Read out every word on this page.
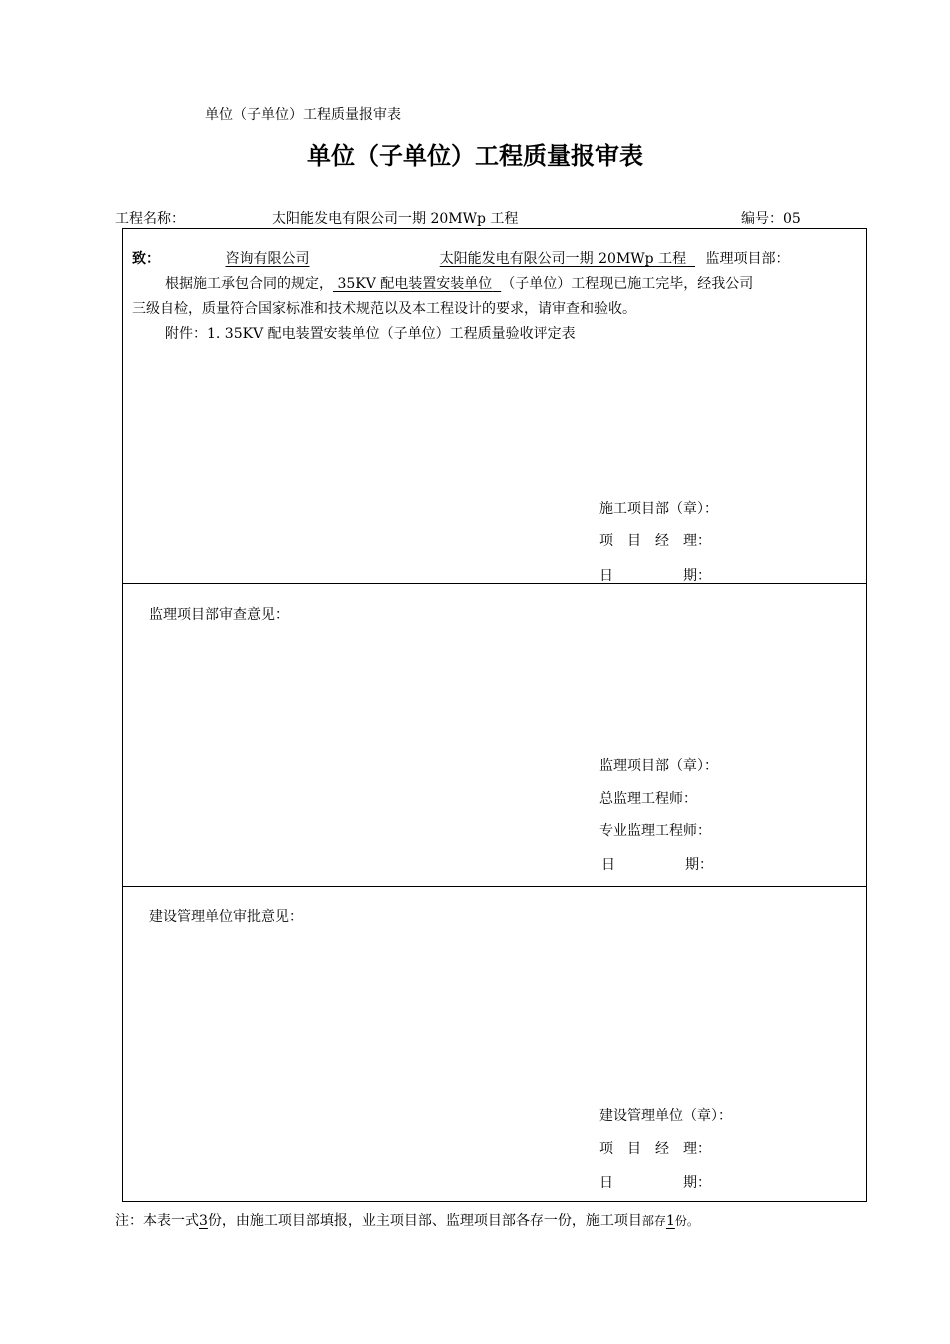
单位（子单位）工程质量报审表
单位（子单位）工程质量报审表
工程名称：	太阳能发电有限公司一期 20MWp 工程	编号：05
致：	咨询有限公司	太阳能发电有限公司一期 20MWp 工程 监理项目部：
根据施工承包合同的规定， 35KV 配电装置安装单位 （子单位）工程现已施工完毕，经我公司
三级自检，质量符合国家标准和技术规范以及本工程设计的要求，请审查和验收。
附件：1. 35KV 配电装置安装单位（子单位）工程质量验收评定表
施工项目部（章）：
项　目　经　理：
日　　　　　期：
监理项目部审查意见：
监理项目部（章）：
总监理工程师：
专业监理工程师：
日　　　　　期：
建设管理单位审批意见：
建设管理单位（章）：
项　目　经　理：
日　　　　　期：
注：本表一式3份，由施工项目部填报，业主项目部、监理项目部各存一份，施工项目部存1份。
